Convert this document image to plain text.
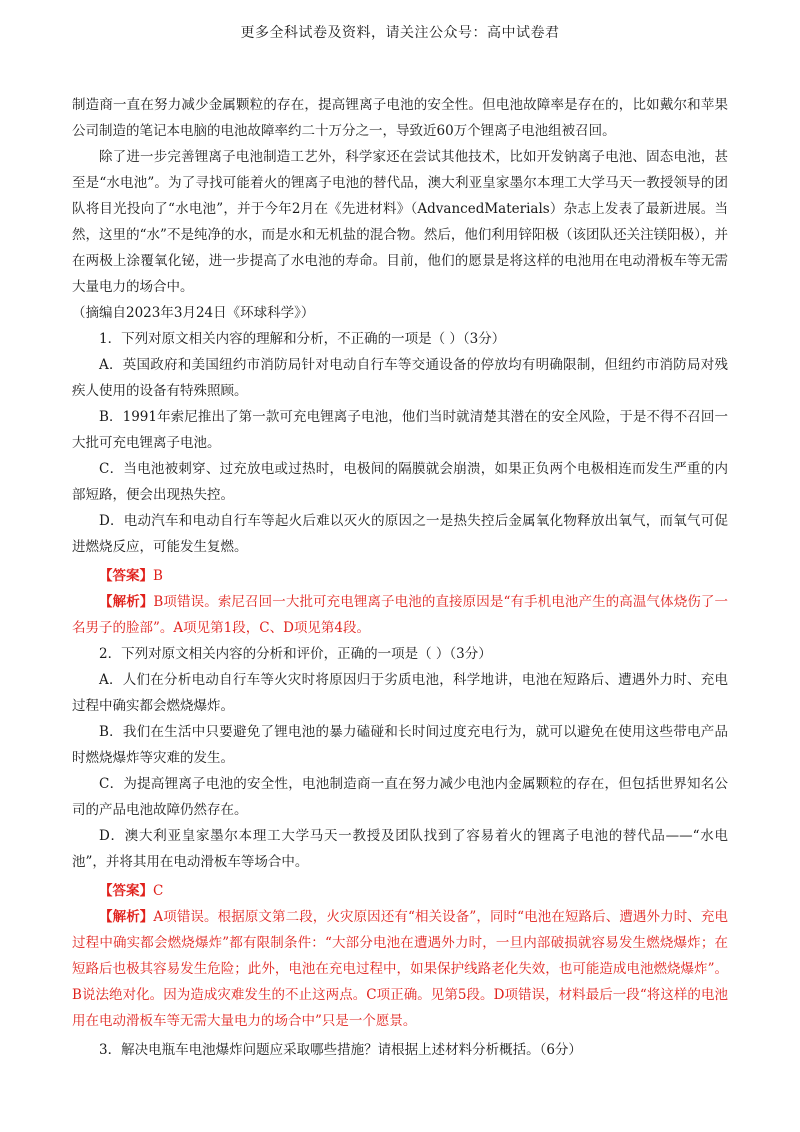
更多全科试卷及资料，请关注公众号：高中试卷君

制造商一直在努力减少金属颗粒的存在，提高锂离子电池的安全性。但电池故障率是存在的，比如戴尔和苹果公司制造的笔记本电脑的电池故障率约二十万分之一，导致近60万个锂离子电池组被召回。

除了进一步完善锂离子电池制造工艺外，科学家还在尝试其他技术，比如开发钠离子电池、固态电池，甚至是“水电池”。为了寻找可能着火的锂离子电池的替代品，澳大利亚皇家墨尔本理工大学马天一教授领导的团队将目光投向了“水电池”，并于今年2月在《先进材料》（AdvancedMaterials）杂志上发表了最新进展。当然，这里的“水”不是纯净的水，而是水和无机盐的混合物。然后，他们利用锌阳极（该团队还关注镁阳极），并在两极上涂覆氧化铋，进一步提高了水电池的寿命。目前，他们的愿景是将这样的电池用在电动滑板车等无需大量电力的场合中。

（摘编自2023年3月24日《环球科学》）

1．下列对原文相关内容的理解和分析，不正确的一项是（ ）（3分）

A．英国政府和美国纽约市消防局针对电动自行车等交通设备的停放均有明确限制，但纽约市消防局对残疾人使用的设备有特殊照顾。

B．1991年索尼推出了第一款可充电锂离子电池，他们当时就清楚其潜在的安全风险，于是不得不召回一大批可充电锂离子电池。

C．当电池被刺穿、过充放电或过热时，电极间的隔膜就会崩溃，如果正负两个电极相连而发生严重的内部短路，便会出现热失控。

D．电动汽车和电动自行车等起火后难以灭火的原因之一是热失控后金属氧化物释放出氧气，而氧气可促进燃烧反应，可能发生复燃。

【答案】B

【解析】B项错误。索尼召回一大批可充电锂离子电池的直接原因是“有手机电池产生的高温气体烧伤了一名男子的脸部”。A项见第1段，C、D项见第4段。

2．下列对原文相关内容的分析和评价，正确的一项是（ ）（3分）

A．人们在分析电动自行车等火灾时将原因归于劣质电池，科学地讲，电池在短路后、遭遇外力时、充电过程中确实都会燃烧爆炸。

B．我们在生活中只要避免了锂电池的暴力磕碰和长时间过度充电行为，就可以避免在使用这些带电产品时燃烧爆炸等灾难的发生。

C．为提高锂离子电池的安全性，电池制造商一直在努力减少电池内金属颗粒的存在，但包括世界知名公司的产品电池故障仍然存在。

D．澳大利亚皇家墨尔本理工大学马天一教授及团队找到了容易着火的锂离子电池的替代品——“水电池”，并将其用在电动滑板车等场合中。

【答案】C

【解析】A项错误。根据原文第二段，火灾原因还有“相关设备”，同时“电池在短路后、遭遇外力时、充电过程中确实都会燃烧爆炸”都有限制条件：“大部分电池在遭遇外力时，一旦内部破损就容易发生燃烧爆炸；在短路后也极其容易发生危险；此外，电池在充电过程中，如果保护线路老化失效，也可能造成电池燃烧爆炸”。B说法绝对化。因为造成灾难发生的不止这两点。C项正确。见第5段。D项错误，材料最后一段“将这样的电池用在电动滑板车等无需大量电力的场合中”只是一个愿景。

3．解决电瓶车电池爆炸问题应采取哪些措施？请根据上述材料分析概括。（6分）
